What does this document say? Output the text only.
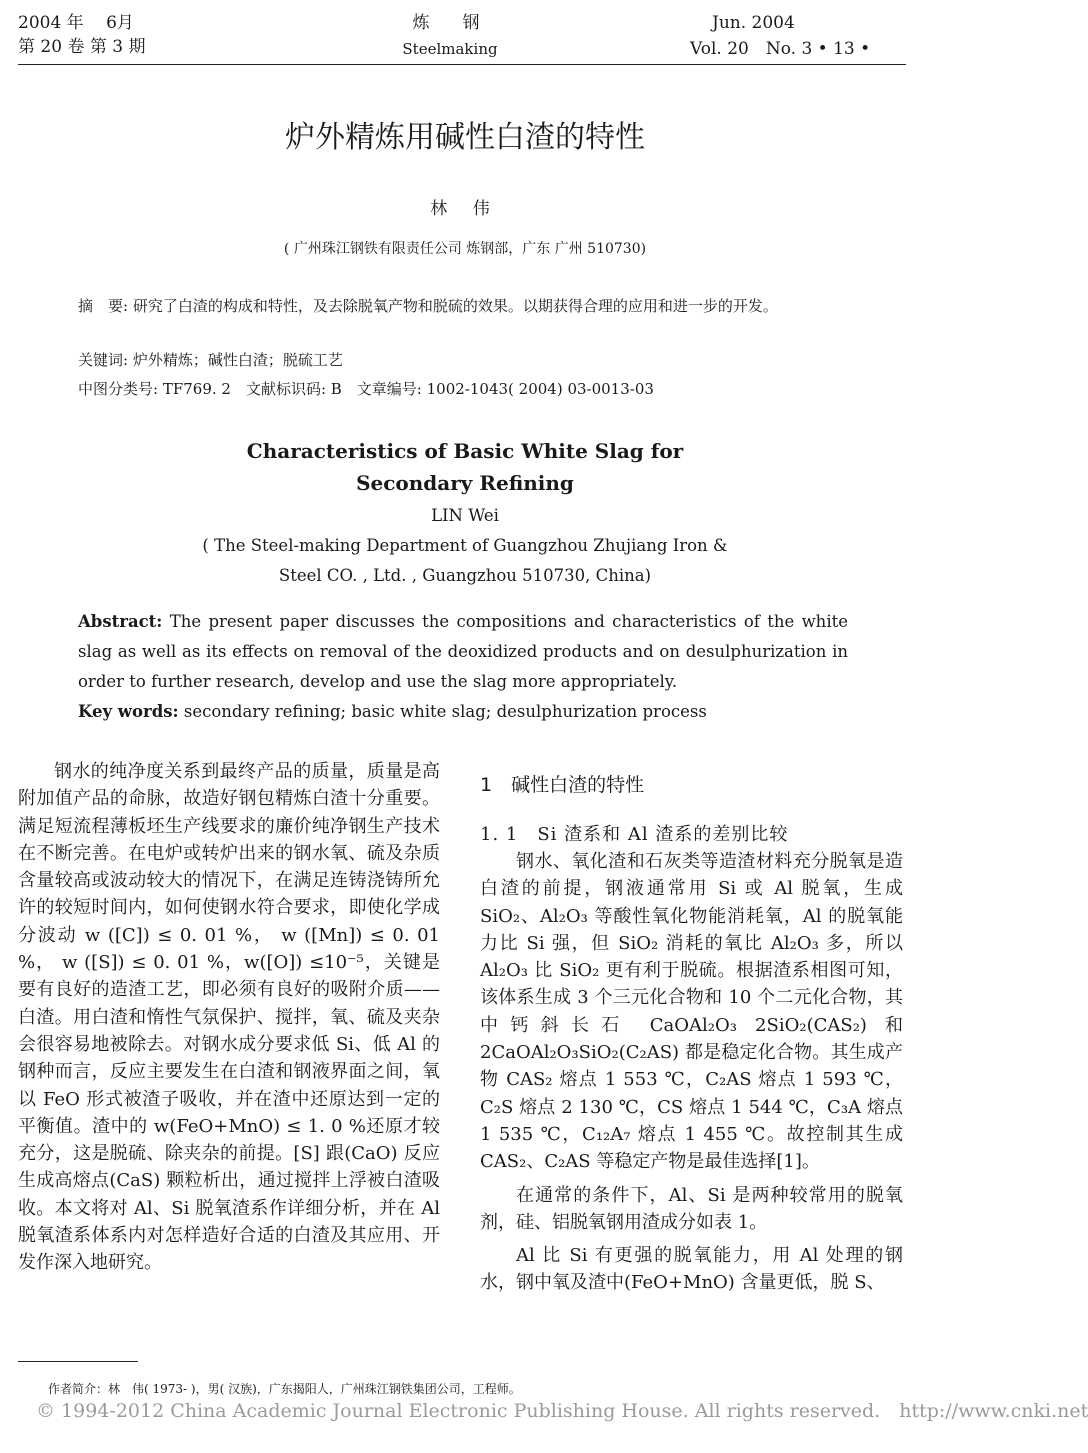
2004 年　 6月
第 20 卷 第 3 期
炼　钢
Steelmaking
Jun. 2004
Vol. 20　No. 3 • 13 •
炉外精炼用碱性白渣的特性
林 伟
( 广州珠江钢铁有限责任公司 炼钢部，广东 广州 510730)
摘　要: 研究了白渣的构成和特性，及去除脱氧产物和脱硫的效果。以期获得合理的应用和进一步的开发。
关键词: 炉外精炼；碱性白渣；脱硫工艺
中图分类号: TF769. 2　文献标识码: B　文章编号: 1002-1043( 2004) 03-0013-03
Characteristics of Basic White Slag for
Secondary Refining
LIN Wei
( The Steel-making Department of Guangzhou Zhujiang Iron &
Steel CO. , Ltd. , Guangzhou 510730, China)
Abstract: The present paper discusses the compositions and characteristics of the white slag as well as its effects on removal of the deoxidized products and on desulphurization in order to further research, develop and use the slag more appropriately.
Key words: secondary refining; basic white slag; desulphurization process

钢水的纯净度关系到最终产品的质量，质量是高附加值产品的命脉，故造好钢包精炼白渣十分重要。满足短流程薄板坯生产线要求的廉价纯净钢生产技术在不断完善。在电炉或转炉出来的钢水氧、硫及杂质含量较高或波动较大的情况下，在满足连铸浇铸所允许的较短时间内，如何使钢水符合要求，即使化学成分波动 w ([C]) ≤ 0. 01 %， w ([Mn]) ≤ 0. 01 %， w ([S]) ≤ 0. 01 %，w([O]) ≤10⁻⁵，关键是要有良好的造渣工艺，即必须有良好的吸附介质——白渣。用白渣和惰性气氛保护、搅拌，氧、硫及夹杂会很容易地被除去。对钢水成分要求低 Si、低 Al 的钢种而言，反应主要发生在白渣和钢液界面之间，氧以 FeO 形式被渣子吸收，并在渣中还原达到一定的平衡值。渣中的 w(FeO+MnO) ≤ 1. 0 %还原才较充分，这是脱硫、除夹杂的前提。[S] 跟(CaO) 反应生成高熔点(CaS) 颗粒析出，通过搅拌上浮被白渣吸收。本文将对 Al、Si 脱氧渣系作详细分析，并在 Al 脱氧渣系体系内对怎样造好合适的白渣及其应用、开发作深入地研究。

1　碱性白渣的特性
1. 1　Si 渣系和 Al 渣系的差别比较

钢水、氧化渣和石灰类等造渣材料充分脱氧是造白渣的前提，钢液通常用 Si 或 Al 脱氧，生成 SiO₂、Al₂O₃ 等酸性氧化物能消耗氧，Al 的脱氧能力比 Si 强，但 SiO₂ 消耗的氧比 Al₂O₃ 多，所以 Al₂O₃ 比 SiO₂ 更有利于脱硫。根据渣系相图可知，该体系生成 3 个三元化合物和 10 个二元化合物，其中钙斜长石 CaOAl₂O₃ 2SiO₂(CAS₂) 和 2CaOAl₂O₃SiO₂(C₂AS) 都是稳定化合物。其生成产物 CAS₂ 熔点 1 553 ℃，C₂AS 熔点 1 593 ℃，C₂S 熔点 2 130 ℃，CS 熔点 1 544 ℃，C₃A 熔点 1 535 ℃，C₁₂A₇ 熔点 1 455 ℃。故控制其生成 CAS₂、C₂AS 等稳定产物是最佳选择[1]。

在通常的条件下，Al、Si 是两种较常用的脱氧剂，硅、铝脱氧钢用渣成分如表 1。

Al 比 Si 有更强的脱氧能力，用 Al 处理的钢水，钢中氧及渣中(FeO+MnO) 含量更低，脱 S、

作者简介：林　伟( 1973- )，男( 汉族)，广东揭阳人，广州珠江钢铁集团公司，工程师。
© 1994-2012 China Academic Journal Electronic Publishing House. All rights reserved.　http://www.cnki.net
